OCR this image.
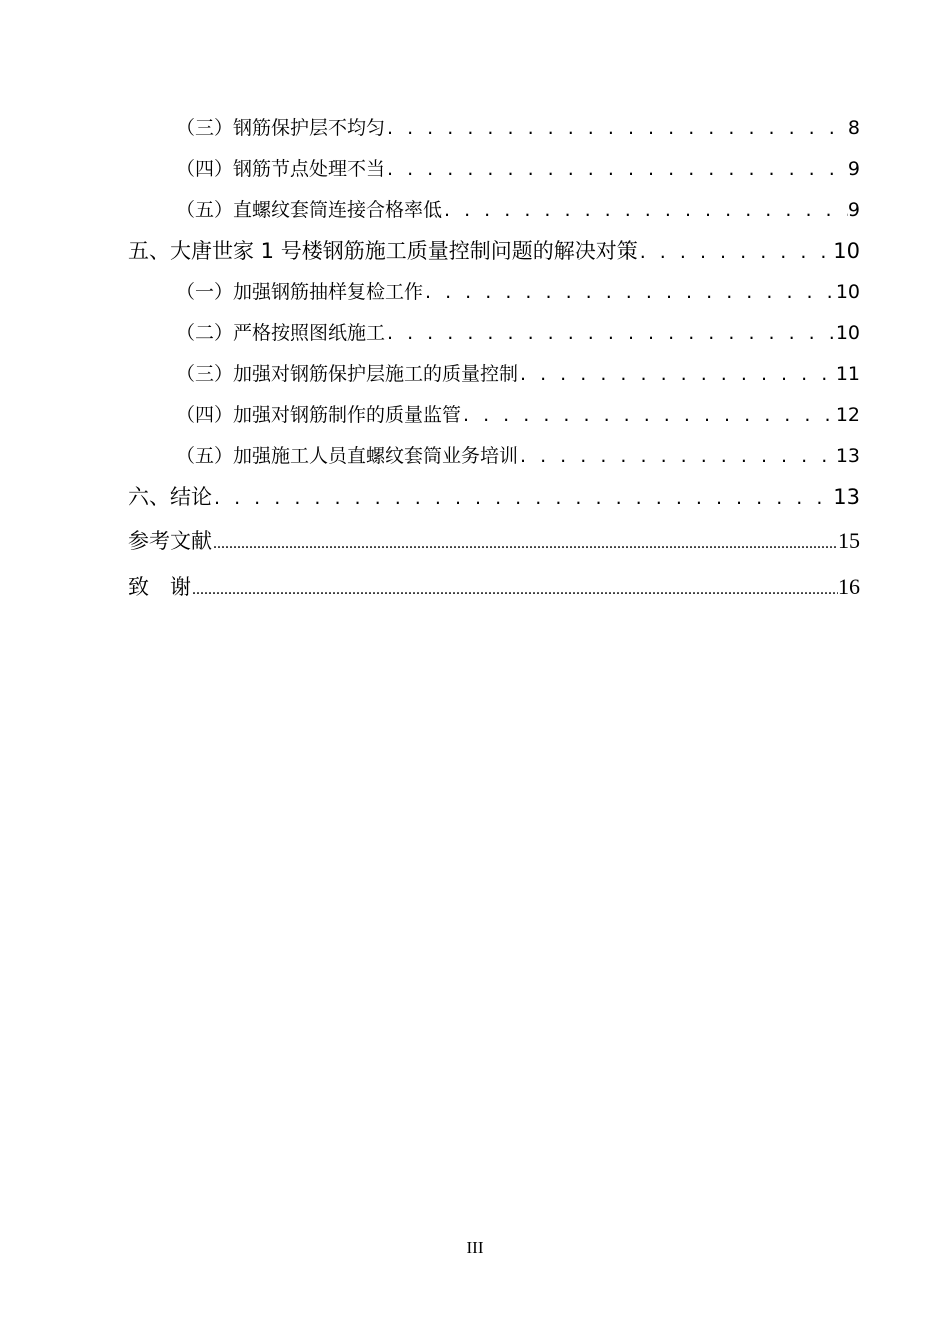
（三）钢筋保护层不均匀 . . .	8
（四）钢筋节点处理不当 . . .	9
（五）直螺纹套筒连接合格率低 . . .	9
五、大唐世家 1 号楼钢筋施工质量控制问题的解决对策 . . .	10
（一）加强钢筋抽样复检工作 . . .	10
（二）严格按照图纸施工 . . .	10
（三）加强对钢筋保护层施工的质量控制 . . .	11
（四）加强对钢筋制作的质量监管 . . .	12
（五）加强施工人员直螺纹套筒业务培训 . . .	13
六、结论 . . .	13
参考文献 .....	15
致　谢 .....	16
III
